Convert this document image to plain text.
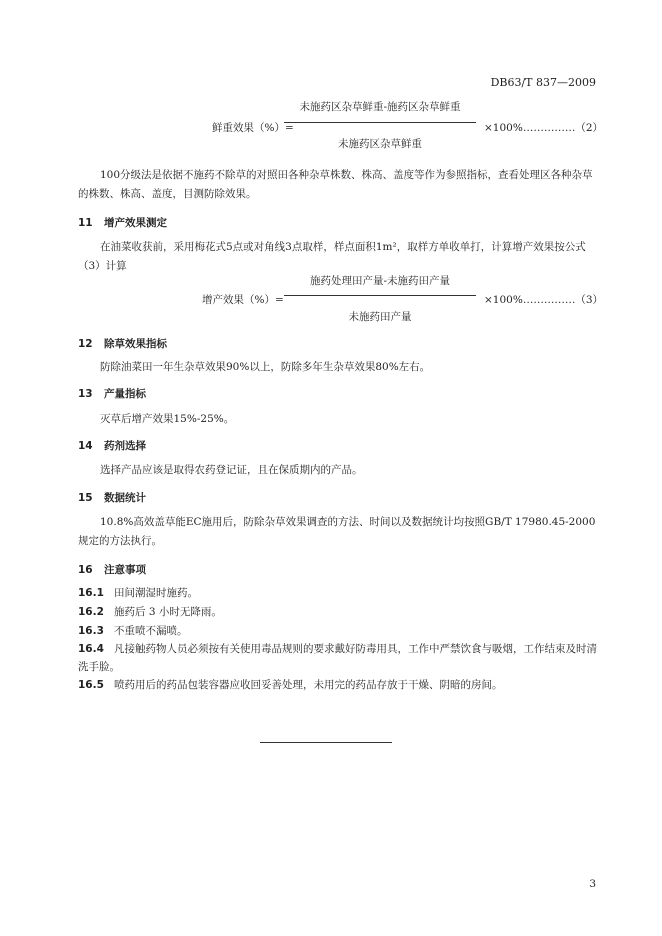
DB63/T 837—2009
鲜重效果（%）=
未施药区杂草鲜重-施药区杂草鲜重
未施药区杂草鲜重
×100%……………（2）
100分级法是依据不施药不除草的对照田各种杂草株数、株高、盖度等作为参照指标，查看处理区各种杂草的株数、株高、盖度，目测防除效果。
11 增产效果测定
在油菜收获前，采用梅花式5点或对角线3点取样，样点面积1m²，取样方单收单打，计算增产效果按公式（3）计算
增产效果（%）=
施药处理田产量-未施药田产量
未施药田产量
×100%……………（3）
12 除草效果指标
防除油菜田一年生杂草效果90%以上，防除多年生杂草效果80%左右。
13 产量指标
灭草后增产效果15%-25%。
14 药剂选择
选择产品应该是取得农药登记证，且在保质期内的产品。
15 数据统计
10.8%高效盖草能EC施用后，防除杂草效果调查的方法、时间以及数据统计均按照GB/T 17980.45-2000 规定的方法执行。
16 注意事项
16.1 田间潮湿时施药。
16.2 施药后 3 小时无降雨。
16.3 不重喷不漏喷。
16.4 凡接触药物人员必须按有关使用毒品规则的要求戴好防毒用具，工作中严禁饮食与吸烟，工作结束及时清洗手脸。
16.5 喷药用后的药品包装容器应收回妥善处理，未用完的药品存放于干燥、阴暗的房间。
3
